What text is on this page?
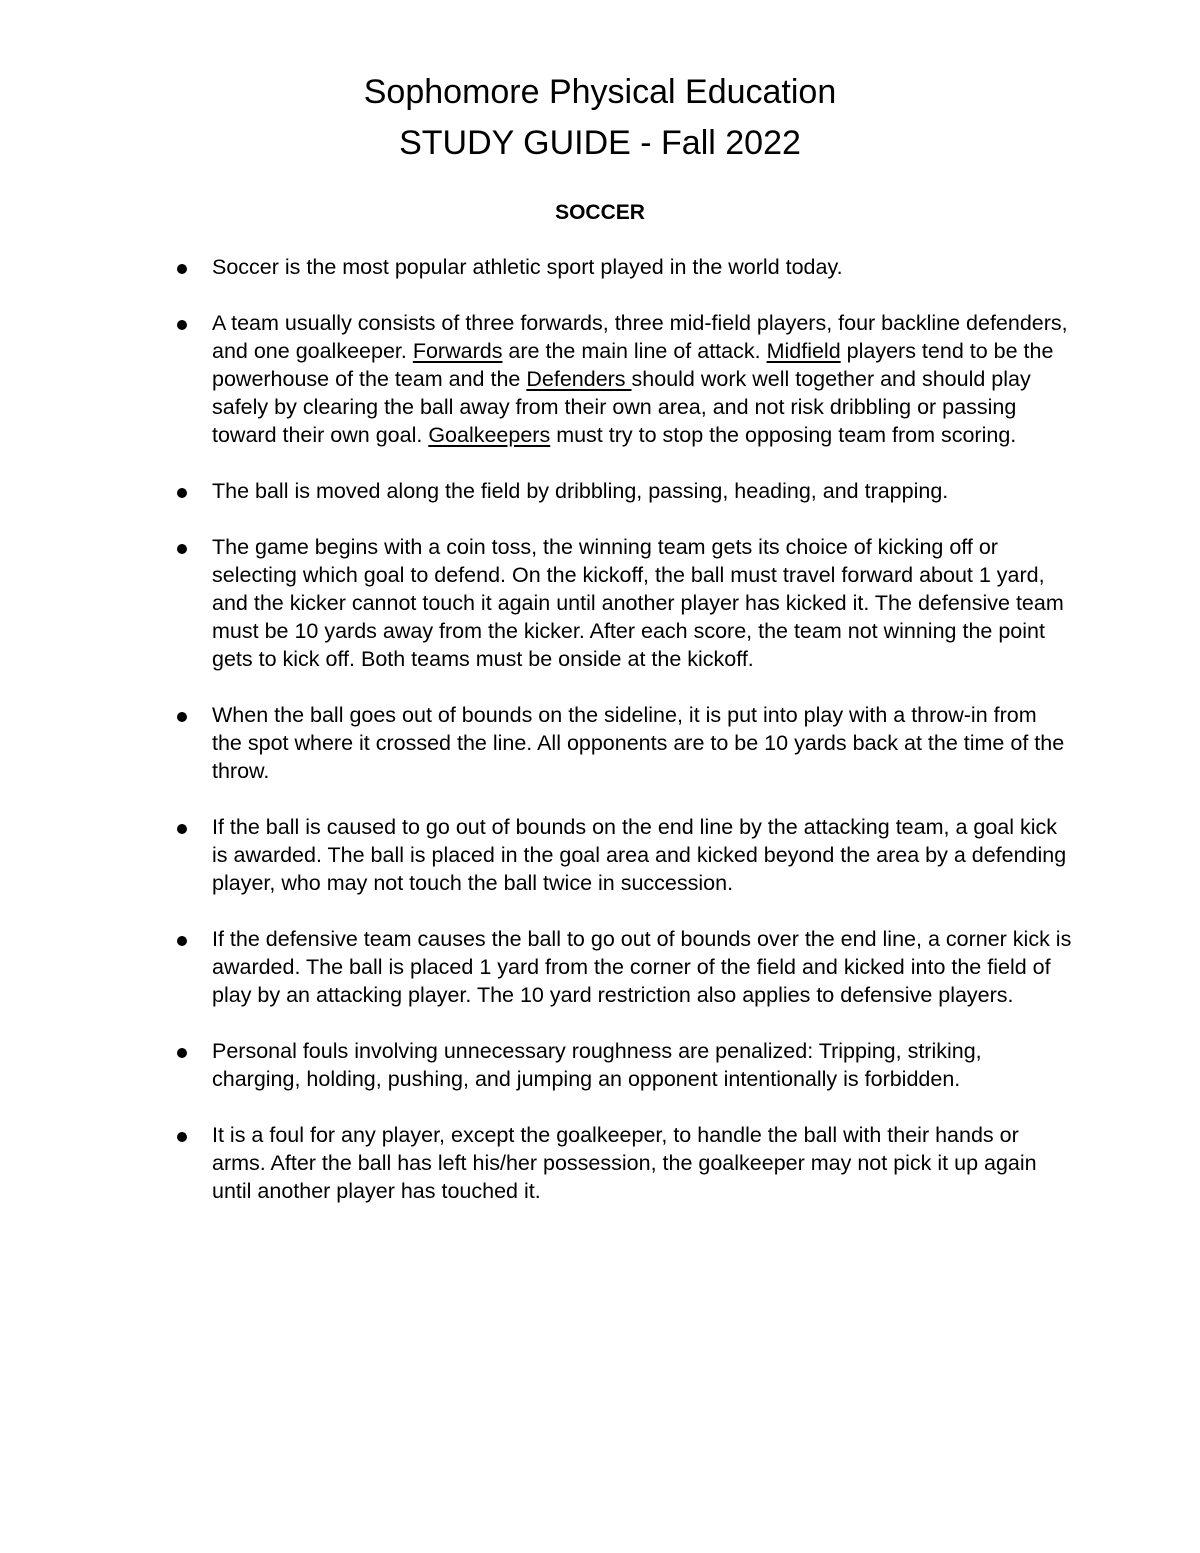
Sophomore Physical Education
STUDY GUIDE - Fall 2022
SOCCER
Soccer is the most popular athletic sport played in the world today.
A team usually consists of three forwards, three mid-field players, four backline defenders, and one goalkeeper. Forwards are the main line of attack. Midfield players tend to be the powerhouse of the team and the Defenders should work well together and should play safely by clearing the ball away from their own area, and not risk dribbling or passing toward their own goal. Goalkeepers must try to stop the opposing team from scoring.
The ball is moved along the field by dribbling, passing, heading, and trapping.
The game begins with a coin toss, the winning team gets its choice of kicking off or selecting which goal to defend. On the kickoff, the ball must travel forward about 1 yard, and the kicker cannot touch it again until another player has kicked it. The defensive team must be 10 yards away from the kicker. After each score, the team not winning the point gets to kick off. Both teams must be onside at the kickoff.
When the ball goes out of bounds on the sideline, it is put into play with a throw-in from the spot where it crossed the line. All opponents are to be 10 yards back at the time of the throw.
If the ball is caused to go out of bounds on the end line by the attacking team, a goal kick is awarded. The ball is placed in the goal area and kicked beyond the area by a defending player, who may not touch the ball twice in succession.
If the defensive team causes the ball to go out of bounds over the end line, a corner kick is awarded. The ball is placed 1 yard from the corner of the field and kicked into the field of play by an attacking player. The 10 yard restriction also applies to defensive players.
Personal fouls involving unnecessary roughness are penalized: Tripping, striking, charging, holding, pushing, and jumping an opponent intentionally is forbidden.
It is a foul for any player, except the goalkeeper, to handle the ball with their hands or arms. After the ball has left his/her possession, the goalkeeper may not pick it up again until another player has touched it.
